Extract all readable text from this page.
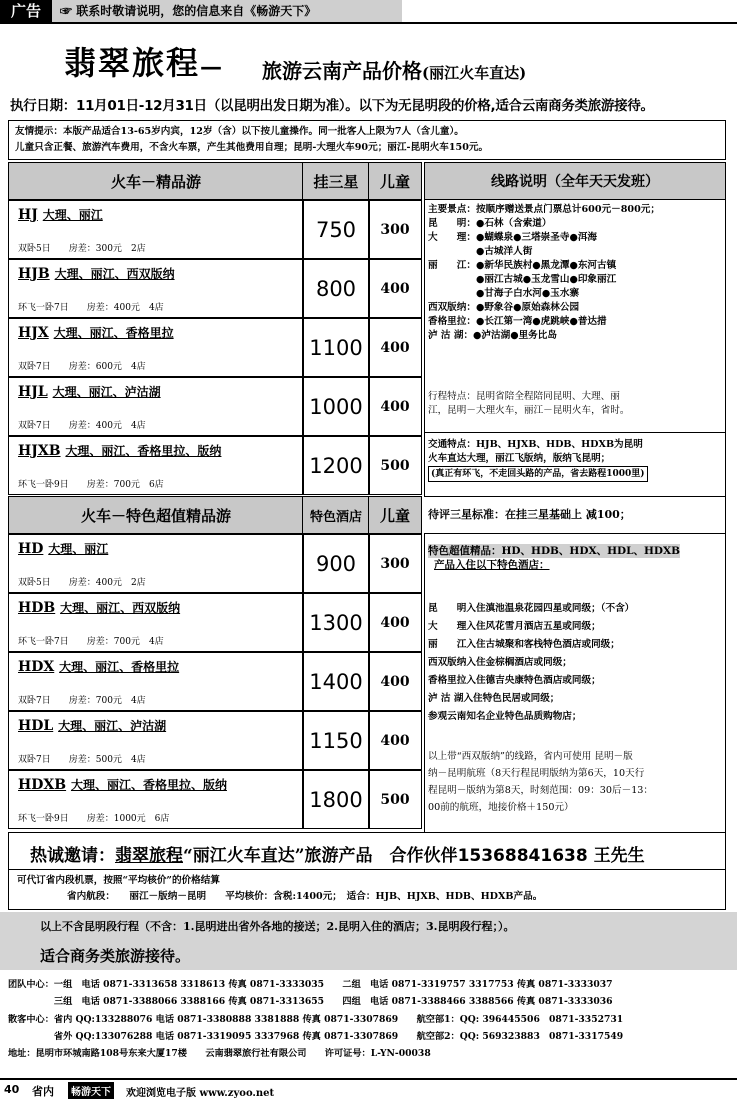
广告	☞ 联系时敬请说明，您的信息来自《畅游天下》
翡翠旅程— 旅游云南产品价格(丽江火车直达)
执行日期：11月01日-12月31日（以昆明出发日期为准）。以下为无昆明段的价格,适合云南商务类旅游接待。
友情提示：本版产品适合13-65岁内宾，12岁（含）以下按儿童操作。同一批客人上限为7人（含儿童）。
儿童只含正餐、旅游汽车费用，不含火车票，产生其他费用自理；昆明-大理火车90元；丽江-昆明火车150元。
火车－精品游	挂三星	儿童	线路说明（全年天天发班）
HJ 大理、丽江
双卧5日　　 房差：300元　 2店
750	300
HJB 大理、丽江、西双版纳
环飞一卧7日　　 房差：400元　 4店
800	400
HJX 大理、丽江、香格里拉
双卧7日　　 房差：600元　 4店
1100	400
HJL 大理、丽江、泸沽湖
双卧7日　　 房差：400元　 4店
1000	400
HJXB 大理、丽江、香格里拉、版纳
环飞一卧9日　　 房差：700元　 6店
1200	500
火车－特色超值精品游	特色酒店	儿童
HD 大理、丽江
双卧5日　　 房差：400元　 2店
900	300
HDB 大理、丽江、西双版纳
环飞一卧7日　　 房差：700元　 4店
1300	400
HDX 大理、丽江、香格里拉
双卧7日　　 房差：700元　 4店
1400	400
HDL 大理、丽江、泸沽湖
双卧7日　　 房差：500元　 4店
1150	400
HDXB 大理、丽江、香格里拉、版纳
环飞一卧9日　　 房差：1000元　 6店
1800	500
主要景点：按顺序赠送景点门票总计600元－800元；
昆　　明：●石林（含索道）
大　　理：●蝴蝶泉●三塔崇圣寺●洱海
　　　　　●古城洋人街
丽　　江：●新华民族村●黑龙潭●东河古镇
　　　　　●丽江古城●玉龙雪山●印象丽江
　　　　　●甘海子白水河●玉水寨
西双版纳：●野象谷●原始森林公园
香格里拉：●长江第一湾●虎跳峡●普达措
泸 沽 湖：●泸沽湖●里务比岛
行程特点：昆明省陪全程陪同昆明、大理、丽
江，昆明－大理火车，丽江－昆明火车，省时。
交通特点：HJB、HJXB、HDB、HDXB为昆明
火车直达大理，丽江飞版纳，版纳飞昆明；
(真正有环飞，不走回头路的产品，省去路程1000里)
待评三星标准：在挂三星基础上 减100；
特色超值精品：HD、HDB、HDX、HDL、HDXB
产品入住以下特色酒店：
昆　　明入住滇池温泉花园四星或同级；（不含）
大　　理入住风花雪月酒店五星或同级；
丽　　江入住古城聚和客栈特色酒店或同级；
西双版纳入住金棕榈酒店或同级；
香格里拉入住德吉央康特色酒店或同级；
泸 沽 湖入住特色民居或同级；
参观云南知名企业特色品质购物店；
以上带“西双版纳”的线路，省内可使用 昆明－版
纳－昆明航班（8天行程昆明版纳为第6天，10天行
程昆明－版纳为第8天，时刻范围：09：30后－13：
00前的航班，地接价格＋150元）
热诚邀请：翡翠旅程“丽江火车直达”旅游产品　合作伙伴15368841638 王先生
可代订省内段机票，按照“平均核价”的价格结算
省内航段：　　丽江－版纳－昆明　　平均核价：含税:1400元；　适合：HJB、HJXB、HDB、HDXB产品。
以上不含昆明段行程（不含：1.昆明进出省外各地的接送；2.昆明入住的酒店；3.昆明段行程；）。
适合商务类旅游接待。
团队中心：一组　电话 0871-3313658 3318613 传真 0871-3333035　　二组　电话 0871-3319757 3317753 传真 0871-3333037
　　　　　三组　电话 0871-3388066 3388166 传真 0871-3313655　　四组　电话 0871-3388466 3388566 传真 0871-3333036
散客中心：省内 QQ:133288076 电话 0871-3380888 3381888 传真 0871-3307869　　航空部1：QQ: 396445506　0871-3352731
　　　　　省外 QQ:133076288 电话 0871-3319095 3337968 传真 0871-3307869　　航空部2：QQ: 569323883　0871-3317549
地址：昆明市环城南路108号东来大厦17楼　　云南翡翠旅行社有限公司　　许可证号：L-YN-00038
40 省内	畅游天下	欢迎浏览电子版 www.zyoo.net
